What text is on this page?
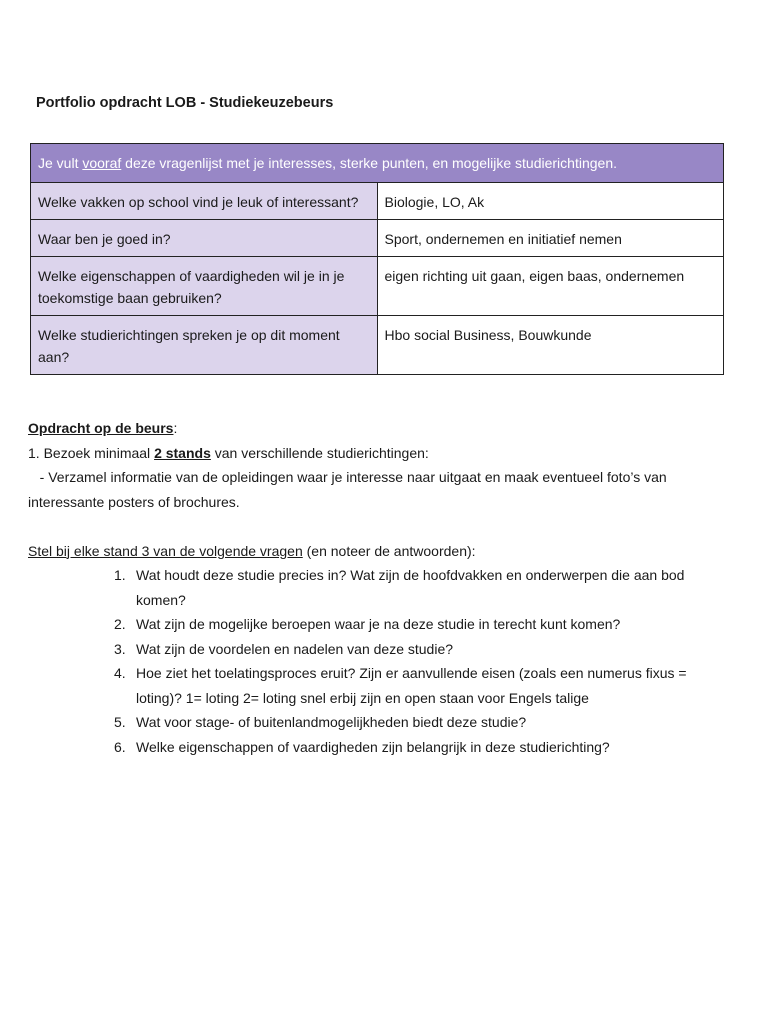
Portfolio opdracht LOB - Studiekeuzebeurs
Je vult vooraf deze vragenlijst met je interesses, sterke punten, en mogelijke studierichtingen.	
Welke vakken op school vind je leuk of interessant?	Biologie, LO, Ak
Waar ben je goed in?	Sport, ondernemen en initiatief nemen
Welke eigenschappen of vaardigheden wil je in je toekomstige baan gebruiken?	eigen richting uit gaan, eigen baas, ondernemen
Welke studierichtingen spreken je op dit moment aan?	Hbo social Business, Bouwkunde

Opdracht op de beurs:

1. Bezoek minimaal 2 stands van verschillende studierichtingen:

- Verzamel informatie van de opleidingen waar je interesse naar uitgaat en maak eventueel foto’s van interessante posters of brochures.

Stel bij elke stand 3 van de volgende vragen (en noteer de antwoorden):

1. Wat houdt deze studie precies in? Wat zijn de hoofdvakken en onderwerpen die aan bod komen?
2. Wat zijn de mogelijke beroepen waar je na deze studie in terecht kunt komen?
3. Wat zijn de voordelen en nadelen van deze studie?
4. Hoe ziet het toelatingsproces eruit? Zijn er aanvullende eisen (zoals een numerus fixus = loting)? 1= loting 2= loting snel erbij zijn en open staan voor Engels talige
5. Wat voor stage- of buitenlandmogelijkheden biedt deze studie?
6. Welke eigenschappen of vaardigheden zijn belangrijk in deze studierichting?
